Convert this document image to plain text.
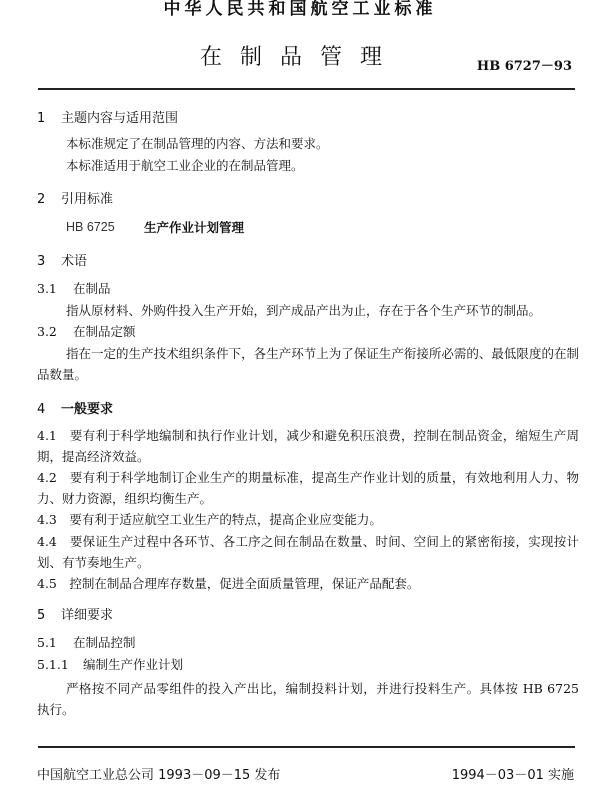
中华人民共和国航空工业标准
在制品管理	HB 6727－93
1 主题内容与适用范围
本标准规定了在制品管理的内容、方法和要求。
本标准适用于航空工业企业的在制品管理。
2 引用标准
HB 6725 生产作业计划管理
3 术语
3.1 在制品
指从原材料、外购件投入生产开始，到产成品产出为止，存在于各个生产环节的制品。
3.2 在制品定额
指在一定的生产技术组织条件下，各生产环节上为了保证生产衔接所必需的、最低限度的在制品数量。
4 一般要求
4.1　要有利于科学地编制和执行作业计划，减少和避免积压浪费，控制在制品资金，缩短生产周期，提高经济效益。
4.2　要有利于科学地制订企业生产的期量标准，提高生产作业计划的质量，有效地利用人力、物力、财力资源，组织均衡生产。
4.3　要有利于适应航空工业生产的特点，提高企业应变能力。
4.4　要保证生产过程中各环节、各工序之间在制品在数量、时间、空间上的紧密衔接，实现按计划、有节奏地生产。
4.5　控制在制品合理库存数量，促进全面质量管理，保证产品配套。
5 详细要求
5.1 在制品控制
5.1.1 编制生产作业计划
严格按不同产品零组件的投入产出比，编制投料计划，并进行投料生产。具体按 HB 6725 执行。
中国航空工业总公司 1993－09－15 发布	1994－03－01 实施
